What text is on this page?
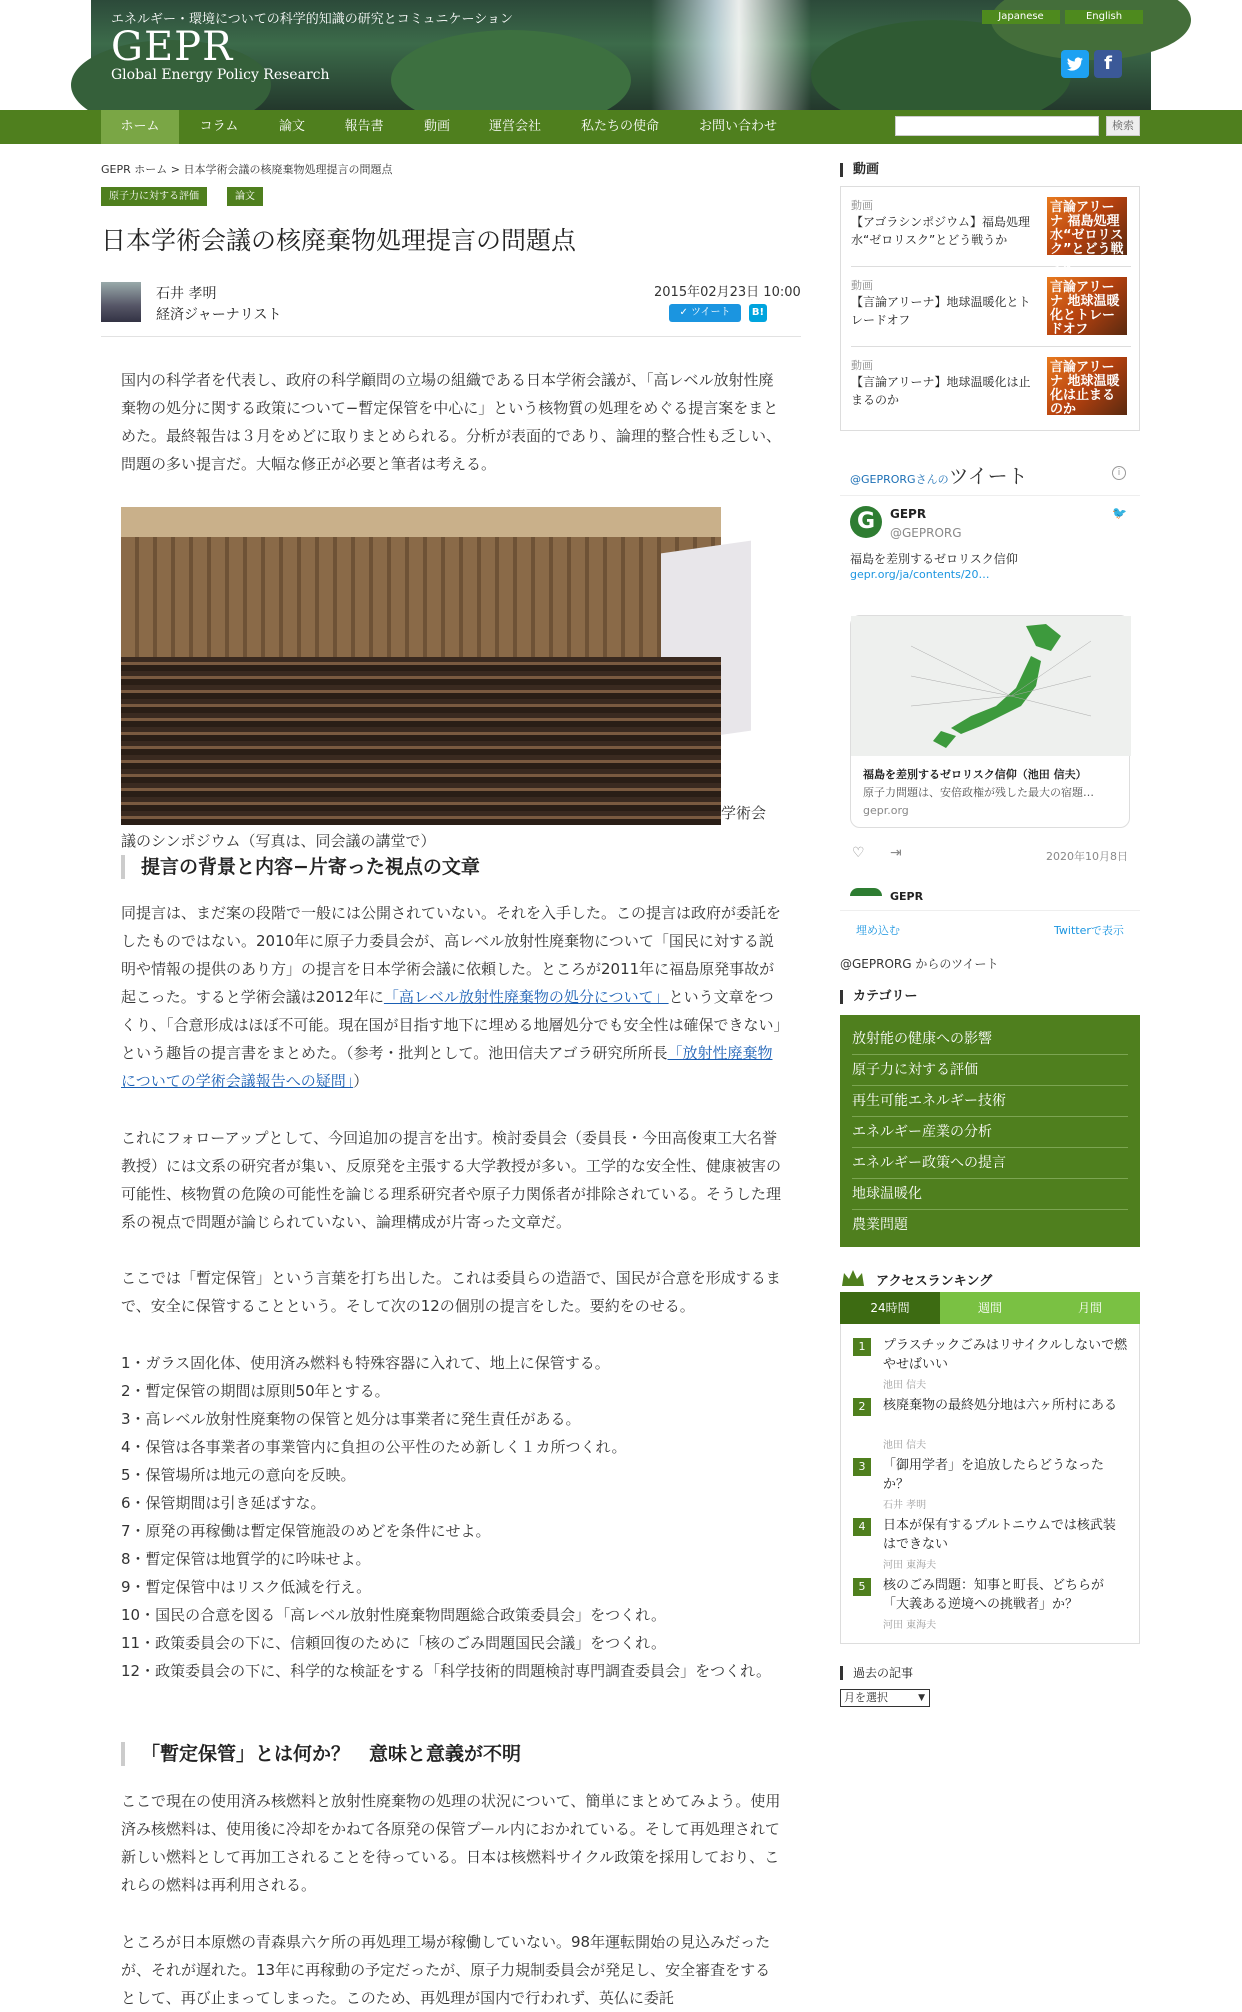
エネルギー・環境についての科学的知識の研究とコミュニケーション
GEPR
Global Energy Policy Research
Japanese	English
f
ホーム	コラム	論文	報告書	動画	運営会社	私たちの使命	お問い合わせ	検索
GEPR ホーム > 日本学術会議の核廃棄物処理提言の問題点
原子力に対する評価	論文
日本学術会議の核廃棄物処理提言の問題点
石井 孝明
経済ジャーナリスト
2015年02月23日 10:00
✓ ツイート	B!

国内の科学者を代表し、政府の科学顧問の立場の組織である日本学術会議が、「高レベル放射性廃棄物の処分に関する政策について−暫定保管を中心に」という核物質の処理をめぐる提言案をまとめた。最終報告は３月をめどに取りまとめられる。分析が表面的であり、論理的整合性も乏しい、問題の多い提言だ。大幅な修正が必要と筆者は考える。

学術会
議のシンポジウム（写真は、同会議の講堂で）
提言の背景と内容−片寄った視点の文章

同提言は、まだ案の段階で一般には公開されていない。それを入手した。この提言は政府が委託をしたものではない。2010年に原子力委員会が、高レベル放射性廃棄物について「国民に対する説明や情報の提供のあり方」の提言を日本学術会議に依頼した。ところが2011年に福島原発事故が起こった。すると学術会議は2012年に「高レベル放射性廃棄物の処分について」という文章をつくり、「合意形成はほぼ不可能。現在国が目指す地下に埋める地層処分でも安全性は確保できない」という趣旨の提言書をまとめた。（参考・批判として。池田信夫アゴラ研究所所長「放射性廃棄物についての学術会議報告への疑問」）

これにフォローアップとして、今回追加の提言を出す。検討委員会（委員長・今田高俊東工大名誉教授）には文系の研究者が集い、反原発を主張する大学教授が多い。工学的な安全性、健康被害の可能性、核物質の危険の可能性を論じる理系研究者や原子力関係者が排除されている。そうした理系の視点で問題が論じられていない、論理構成が片寄った文章だ。

ここでは「暫定保管」という言葉を打ち出した。これは委員らの造語で、国民が合意を形成するまで、安全に保管することという。そして次の12の個別の提言をした。要約をのせる。

1・ガラス固化体、使用済み燃料も特殊容器に入れて、地上に保管する。
2・暫定保管の期間は原則50年とする。
3・高レベル放射性廃棄物の保管と処分は事業者に発生責任がある。
4・保管は各事業者の事業管内に負担の公平性のため新しく１カ所つくれ。
5・保管場所は地元の意向を反映。
6・保管期間は引き延ばすな。
7・原発の再稼働は暫定保管施設のめどを条件にせよ。
8・暫定保管は地質学的に吟味せよ。
9・暫定保管中はリスク低減を行え。
10・国民の合意を図る「高レベル放射性廃棄物問題総合政策委員会」をつくれ。
11・政策委員会の下に、信頼回復のために「核のごみ問題国民会議」をつくれ。
12・政策委員会の下に、科学的な検証をする「科学技術的問題検討専門調査委員会」をつくれ。
「暫定保管」とは何か？　意味と意義が不明

ここで現在の使用済み核燃料と放射性廃棄物の処理の状況について、簡単にまとめてみよう。使用済み核燃料は、使用後に冷却をかねて各原発の保管プール内におかれている。そして再処理されて新しい燃料として再加工されることを待っている。日本は核燃料サイクル政策を採用しており、これらの燃料は再利用される。

ところが日本原燃の青森県六ケ所の再処理工場が稼働していない。98年運転開始の見込みだったが、それが遅れた。13年に再稼動の予定だったが、原子力規制委員会が発足し、安全審査をするとして、再び止まってしまった。このため、再処理が国内で行われず、英仏に委託

動画
動画
【アゴラシンポジウム】福島処理水“ゼロリスク”とどう戦うか
言論アリーナ 福島処理水“ゼロリスク”とどう戦うか
動画
【言論アリーナ】地球温暖化とトレードオフ
言論アリーナ 地球温暖化とトレードオフ
動画
【言論アリーナ】地球温暖化は止まるのか
言論アリーナ 地球温暖化は止まるのか
@GEPRORGさんのツイート	i
G	GEPR
@GEPRORG
🐦
福島を差別するゼロリスク信仰
gepr.org/ja/contents/20…
福島を差別するゼロリスク信仰（池田 信夫）
原子力問題は、安倍政権が残した最大の宿題…
gepr.org
♡ ⇥	2020年10月8日
GEPR
埋め込む	Twitterで表示
@GEPRORG からのツイート
カテゴリー
放射能の健康への影響
原子力に対する評価
再生可能エネルギー技術
エネルギー産業の分析
エネルギー政策への提言
地球温暖化
農業問題
アクセスランキング
24時間	週間	月間
1	プラスチックごみはリサイクルしないで燃やせばいい
池田 信夫
2	核廃棄物の最終処分地は六ヶ所村にある
池田 信夫
3	「御用学者」を追放したらどうなったか？
石井 孝明
4	日本が保有するプルトニウムでは核武装はできない
河田 東海夫
5	核のごみ問題：知事と町長、どちらが「大義ある逆境への挑戦者」か？
河田 東海夫
過去の記事
月を選択	▼
